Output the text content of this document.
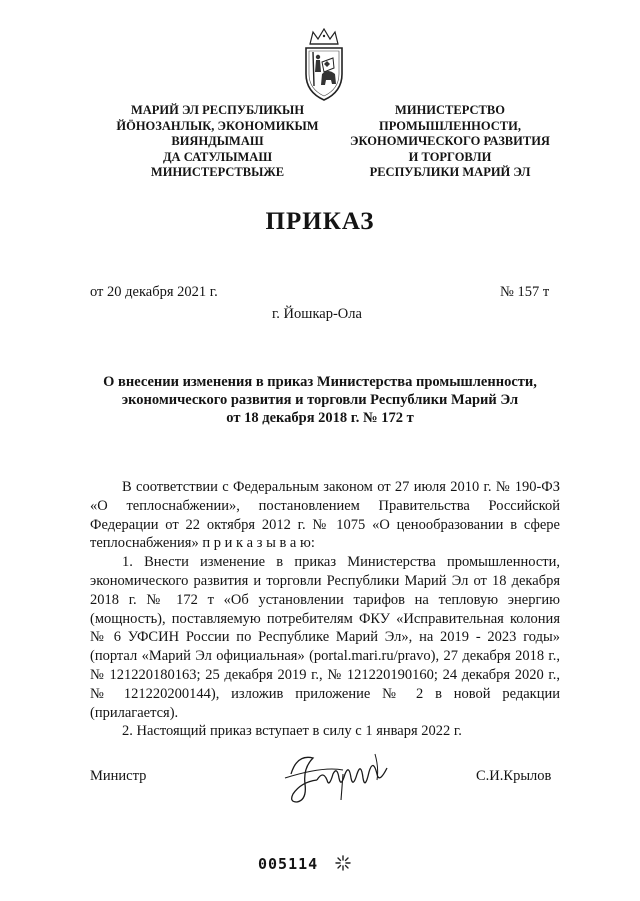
МАРИЙ ЭЛ РЕСПУБЛИКЫН
ЙӦНОЗАНЛЫК, ЭКОНОМИКЫМ
ВИЯНДЫМАШ
ДА САТУЛЫМАШ
МИНИСТЕРСТВЫЖЕ
МИНИСТЕРСТВО
ПРОМЫШЛЕННОСТИ,
ЭКОНОМИЧЕСКОГО РАЗВИТИЯ
И ТОРГОВЛИ
РЕСПУБЛИКИ МАРИЙ ЭЛ
ПРИКАЗ
от 20 декабря 2021 г.	№ 157 т
г. Йошкар-Ола
О внесении изменения в приказ Министерства промышленности,
экономического развития и торговли Республики Марий Эл
от 18 декабря 2018 г. № 172 т

В соответствии с Федеральным законом от 27 июля 2010 г. № 190-ФЗ «О теплоснабжении», постановлением Правительства Российской Федерации от 22 октября 2012 г. № 1075 «О ценообразовании в сфере теплоснабжения» п р и к а з ы в а ю:

1. Внести изменение в приказ Министерства промышленности, экономического развития и торговли Республики Марий Эл от 18 декабря 2018 г. № 172 т «Об установлении тарифов на тепловую энергию (мощность), поставляемую потребителям ФКУ «Исправительная колония № 6 УФСИН России по Республике Марий Эл», на 2019 - 2023 годы» (портал «Марий Эл официальная» (portal.mari.ru/pravo), 27 декабря 2018 г., № 121220180163; 25 декабря 2019 г., № 121220190160; 24 декабря 2020 г., № 121220200144), изложив приложение № 2 в новой редакции (прилагается).

2. Настоящий приказ вступает в силу с 1 января 2022 г.

Министр	С.И.Крылов
005114
